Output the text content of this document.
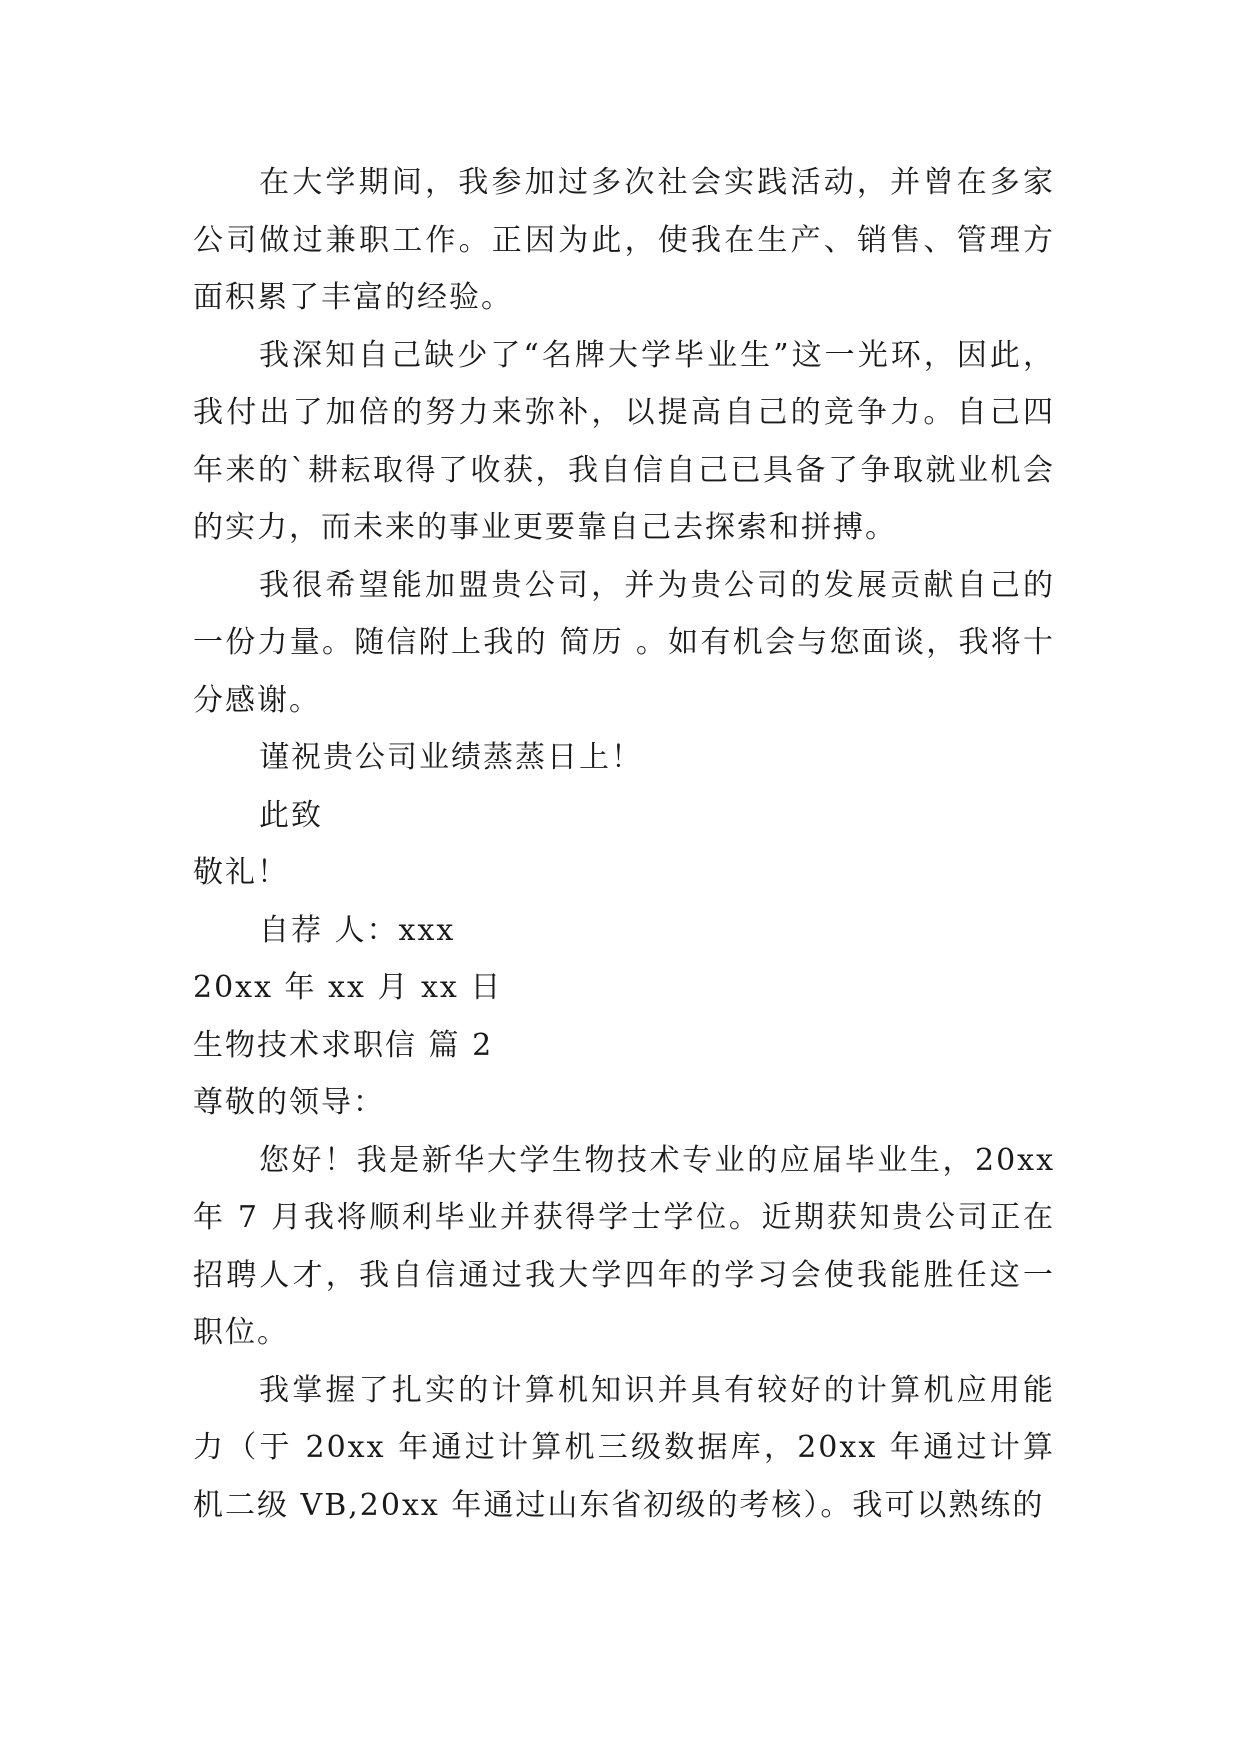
在大学期间，我参加过多次社会实践活动，并曾在多家公司做过兼职工作。正因为此，使我在生产、销售、管理方面积累了丰富的经验。

我深知自己缺少了“名牌大学毕业生”这一光环，因此，我付出了加倍的努力来弥补，以提高自己的竞争力。自己四年来的`耕耘取得了收获，我自信自己已具备了争取就业机会的实力，而未来的事业更要靠自己去探索和拼搏。

我很希望能加盟贵公司，并为贵公司的发展贡献自己的一份力量。随信附上我的 简历 。如有机会与您面谈，我将十分感谢。

谨祝贵公司业绩蒸蒸日上！

此致

敬礼！

自荐 人：xxx

20xx 年 xx 月 xx 日

生物技术求职信 篇 2

尊敬的领导：

您好！我是新华大学生物技术专业的应届毕业生，20xx 年 7 月我将顺利毕业并获得学士学位。近期获知贵公司正在招聘人才，我自信通过我大学四年的学习会使我能胜任这一职位。

我掌握了扎实的计算机知识并具有较好的计算机应用能力（于 20xx 年通过计算机三级数据库，20xx 年通过计算机二级 VB,20xx 年通过山东省初级的考核）。我可以熟练的
